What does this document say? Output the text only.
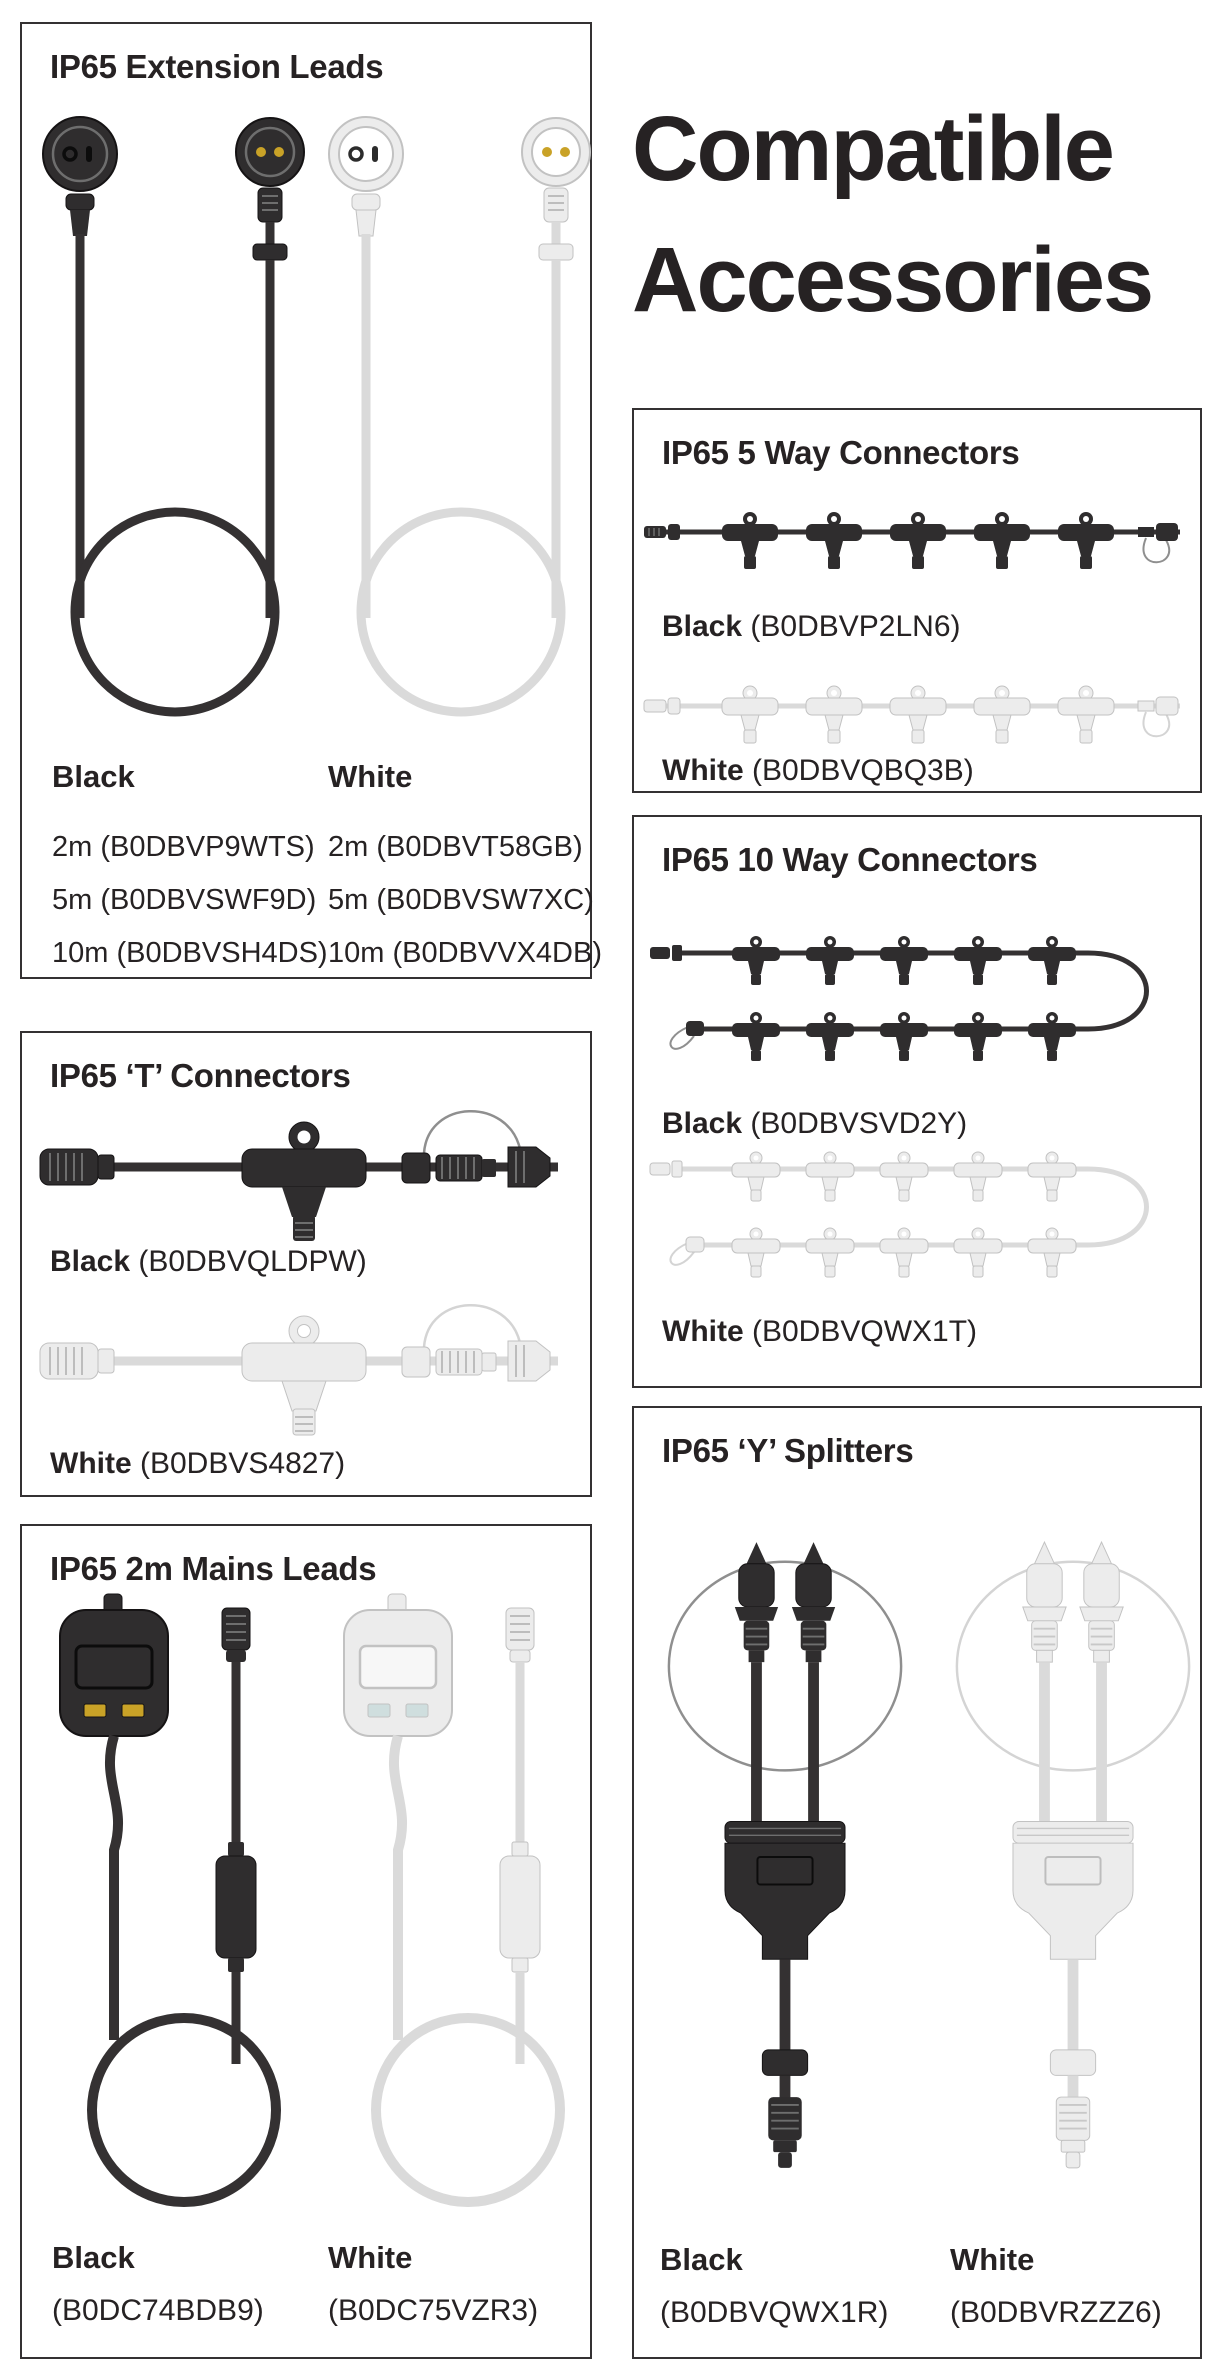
Compatible
Accessories
IP65 Extension Leads
Black
2m (B0DBVP9WTS)
5m (B0DBVSWF9D)
10m (B0DBVSH4DS)
White
2m (B0DBVT58GB)
5m (B0DBVSW7XC)
10m (B0DBVVX4DB)
IP65 ‘T’ Connectors
Black (B0DBVQLDPW)
White (B0DBVS4827)
IP65 2m Mains Leads
Black
(B0DC74BDB9)
White
(B0DC75VZR3)
IP65 5 Way Connectors
Black (B0DBVP2LN6)
White (B0DBVQBQ3B)
IP65 10 Way Connectors
Black (B0DBVSVD2Y)
White (B0DBVQWX1T)
IP65 ‘Y’ Splitters
Black
(B0DBVQWX1R)
White
(B0DBVRZZZ6)
